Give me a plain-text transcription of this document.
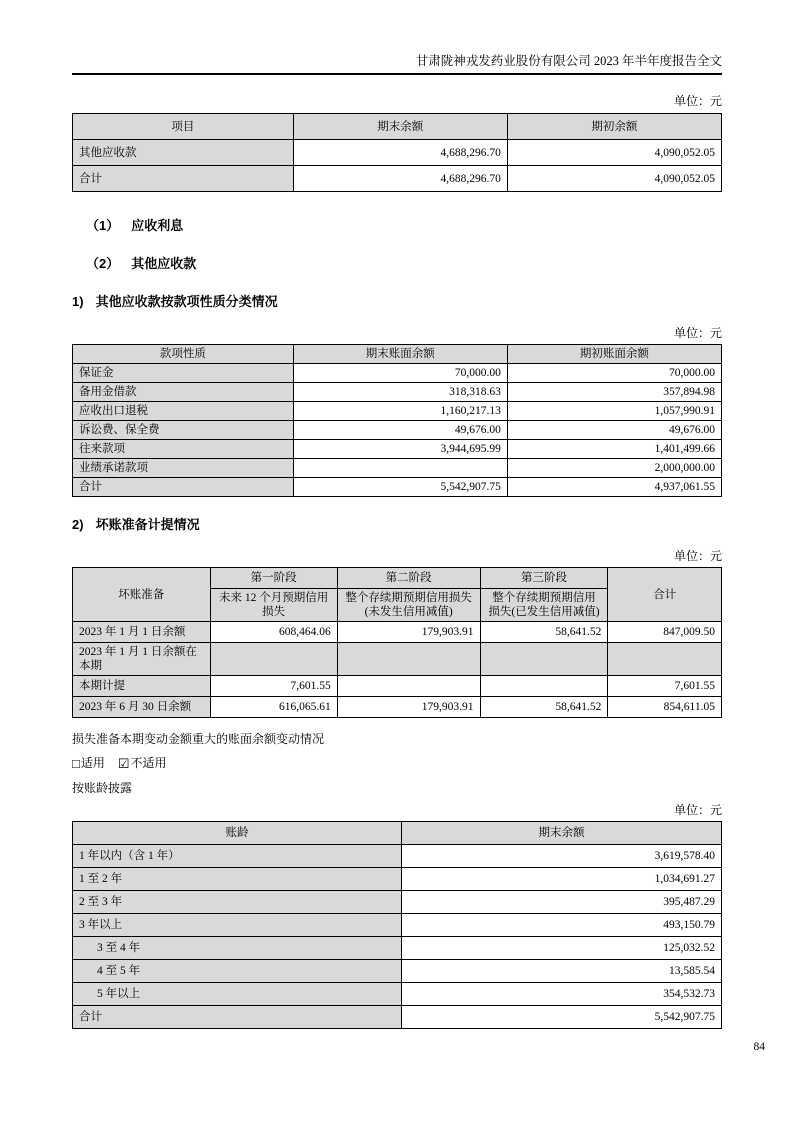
甘肃陇神戎发药业股份有限公司 2023 年半年度报告全文
单位：元
项目	期末余额	期初余额
其他应收款	4,688,296.70	4,090,052.05
合计	4,688,296.70	4,090,052.05
（1） 应收利息
（2） 其他应收款
1) 其他应收款按款项性质分类情况
单位：元
款项性质	期末账面余额	期初账面余额
保证金	70,000.00	70,000.00
备用金借款	318,318.63	357,894.98
应收出口退税	1,160,217.13	1,057,990.91
诉讼费、保全费	49,676.00	49,676.00
往来款项	3,944,695.99	1,401,499.66
业绩承诺款项		2,000,000.00
合计	5,542,907.75	4,937,061.55
2) 坏账准备计提情况
单位：元
坏账准备	第一阶段	第二阶段	第三阶段	合计
	未来 12 个月预期信用损失	整个存续期预期信用损失(未发生信用减值)	整个存续期预期信用损失(已发生信用减值)	
2023 年 1 月 1 日余额	608,464.06	179,903.91	58,641.52	847,009.50
2023 年 1 月 1 日余额在本期				
本期计提	7,601.55			7,601.55
2023 年 6 月 30 日余额	616,065.61	179,903.91	58,641.52	854,611.05
损失准备本期变动金额重大的账面余额变动情况
□ 适用
☑ 不适用
按账龄披露
单位：元
账龄	期末余额
1 年以内（含 1 年）	3,619,578.40
1 至 2 年	1,034,691.27
2 至 3 年	395,487.29
3 年以上	493,150.79
3 至 4 年	125,032.52
4 至 5 年	13,585.54
5 年以上	354,532.73
合计	5,542,907.75
84
